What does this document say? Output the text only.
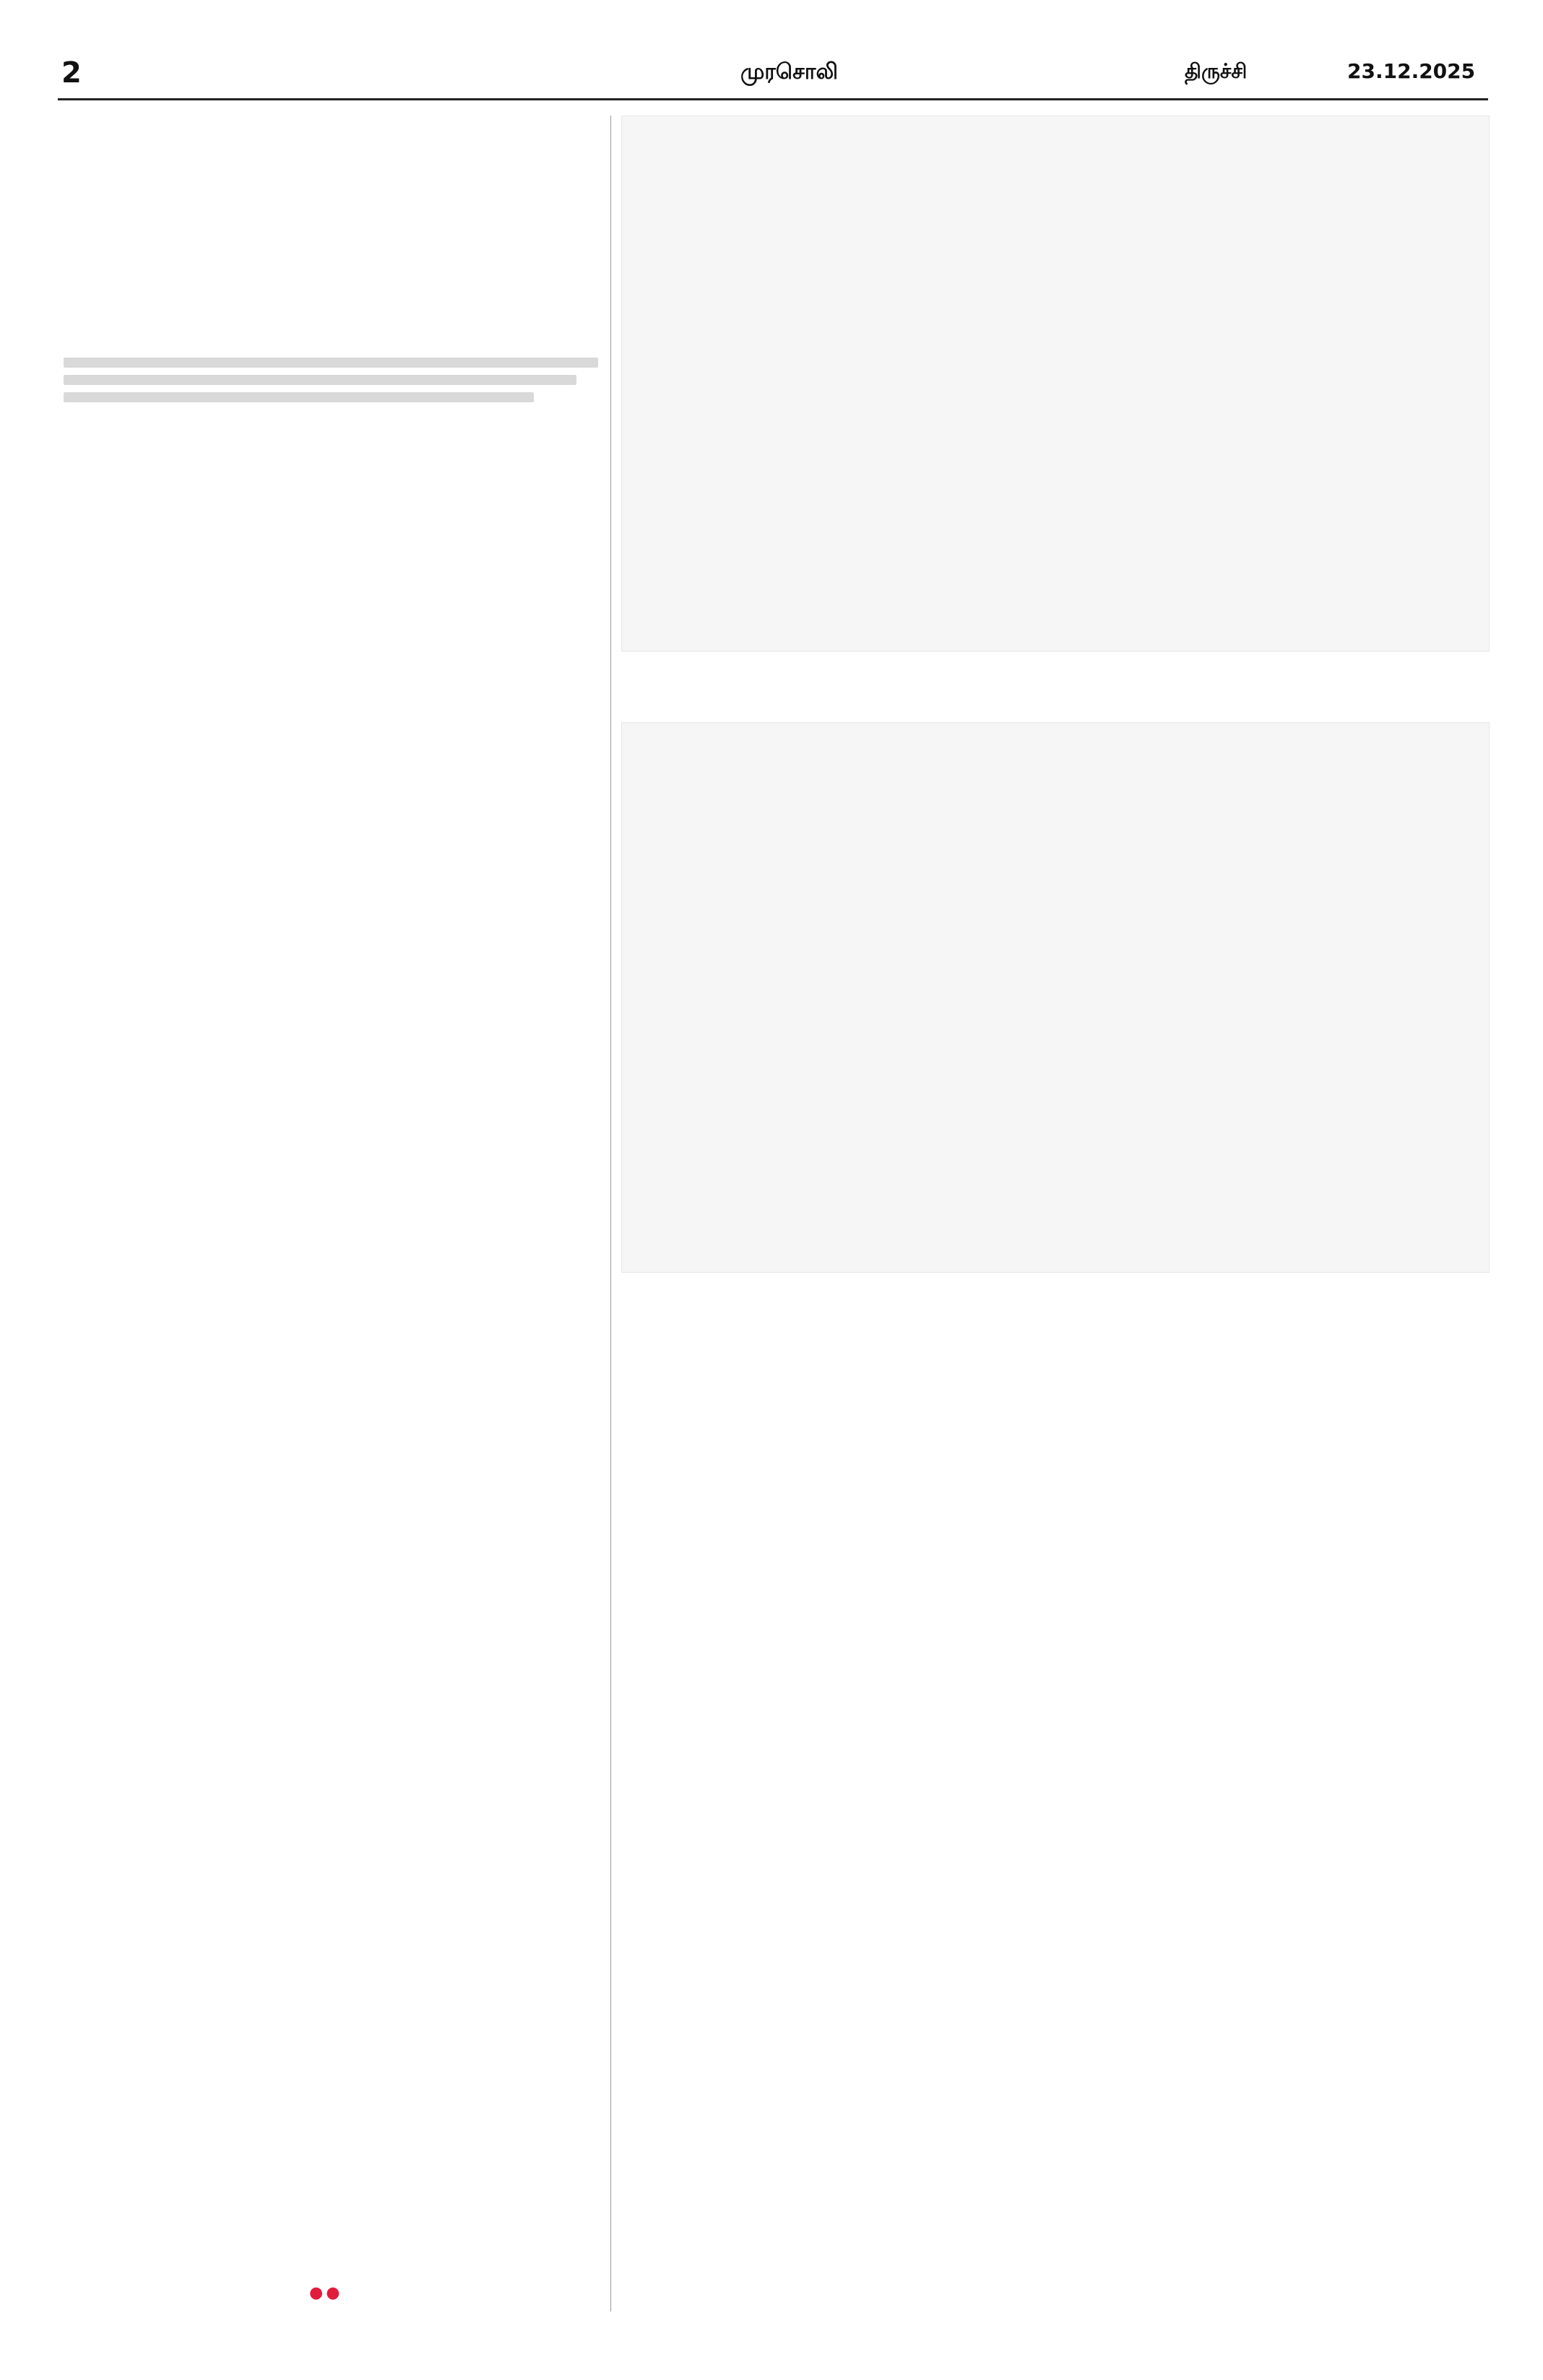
2	முரசொலி	திருச்சி	23.12.2025
●●
